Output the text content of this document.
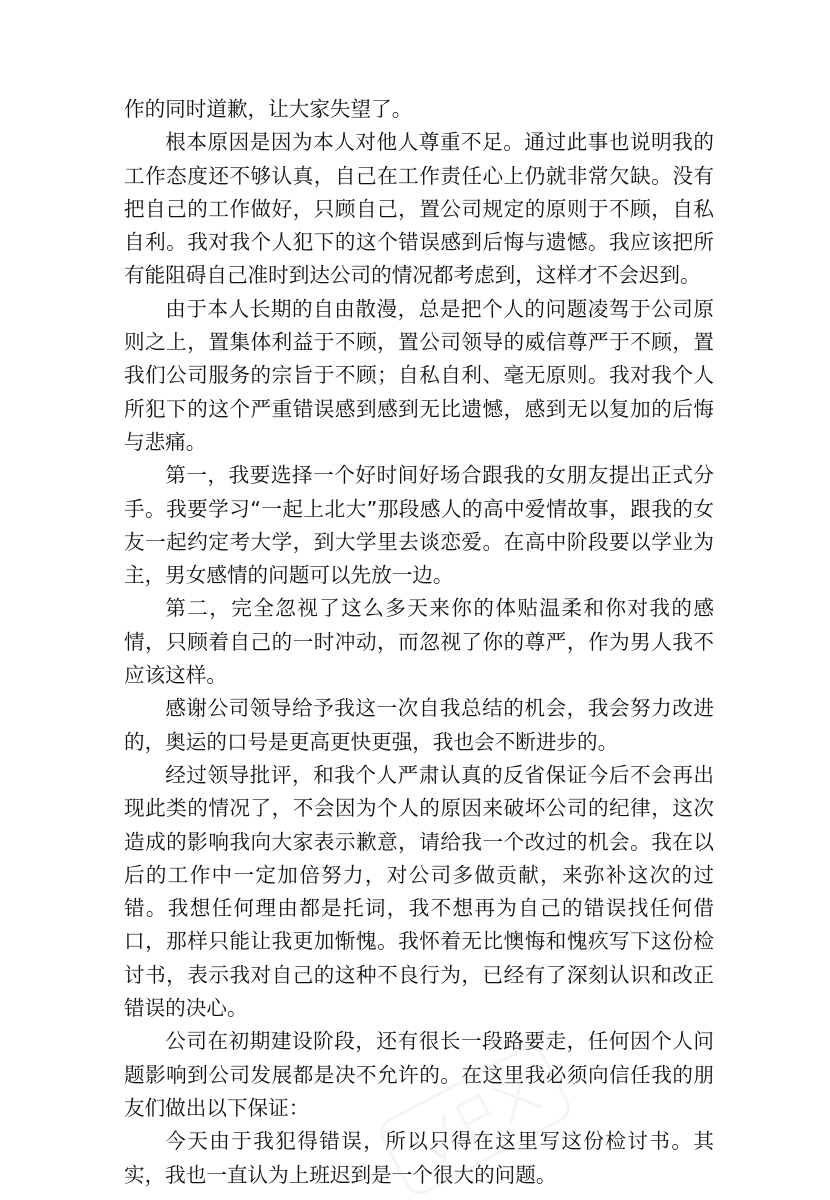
作的同时道歉，让大家失望了。

根本原因是因为本人对他人尊重不足。通过此事也说明我的工作态度还不够认真，自己在工作责任心上仍就非常欠缺。没有把自己的工作做好，只顾自己，置公司规定的原则于不顾，自私自利。我对我个人犯下的这个错误感到后悔与遗憾。我应该把所有能阻碍自己准时到达公司的情况都考虑到，这样才不会迟到。

由于本人长期的自由散漫，总是把个人的问题凌驾于公司原则之上，置集体利益于不顾，置公司领导的威信尊严于不顾，置我们公司服务的宗旨于不顾；自私自利、毫无原则。我对我个人所犯下的这个严重错误感到感到无比遗憾，感到无以复加的后悔与悲痛。

第一，我要选择一个好时间好场合跟我的女朋友提出正式分手。我要学习“一起上北大”那段感人的高中爱情故事，跟我的女友一起约定考大学，到大学里去谈恋爱。在高中阶段要以学业为主，男女感情的问题可以先放一边。

第二，完全忽视了这么多天来你的体贴温柔和你对我的感情，只顾着自己的一时冲动，而忽视了你的尊严，作为男人我不应该这样。

感谢公司领导给予我这一次自我总结的机会，我会努力改进的，奥运的口号是更高更快更强，我也会不断进步的。

经过领导批评，和我个人严肃认真的反省保证今后不会再出现此类的情况了，不会因为个人的原因来破坏公司的纪律，这次造成的影响我向大家表示歉意，请给我一个改过的机会。我在以后的工作中一定加倍努力，对公司多做贡献，来弥补这次的过错。我想任何理由都是托词，我不想再为自己的错误找任何借口，那样只能让我更加惭愧。我怀着无比懊悔和愧疚写下这份检讨书，表示我对自己的这种不良行为，已经有了深刻认识和改正错误的决心。

公司在初期建设阶段，还有很长一段路要走，任何因个人问题影响到公司发展都是决不允许的。在这里我必须向信任我的朋友们做出以下保证：

今天由于我犯得错误，所以只得在这里写这份检讨书。其实，我也一直认为上班迟到是一个很大的问题。
